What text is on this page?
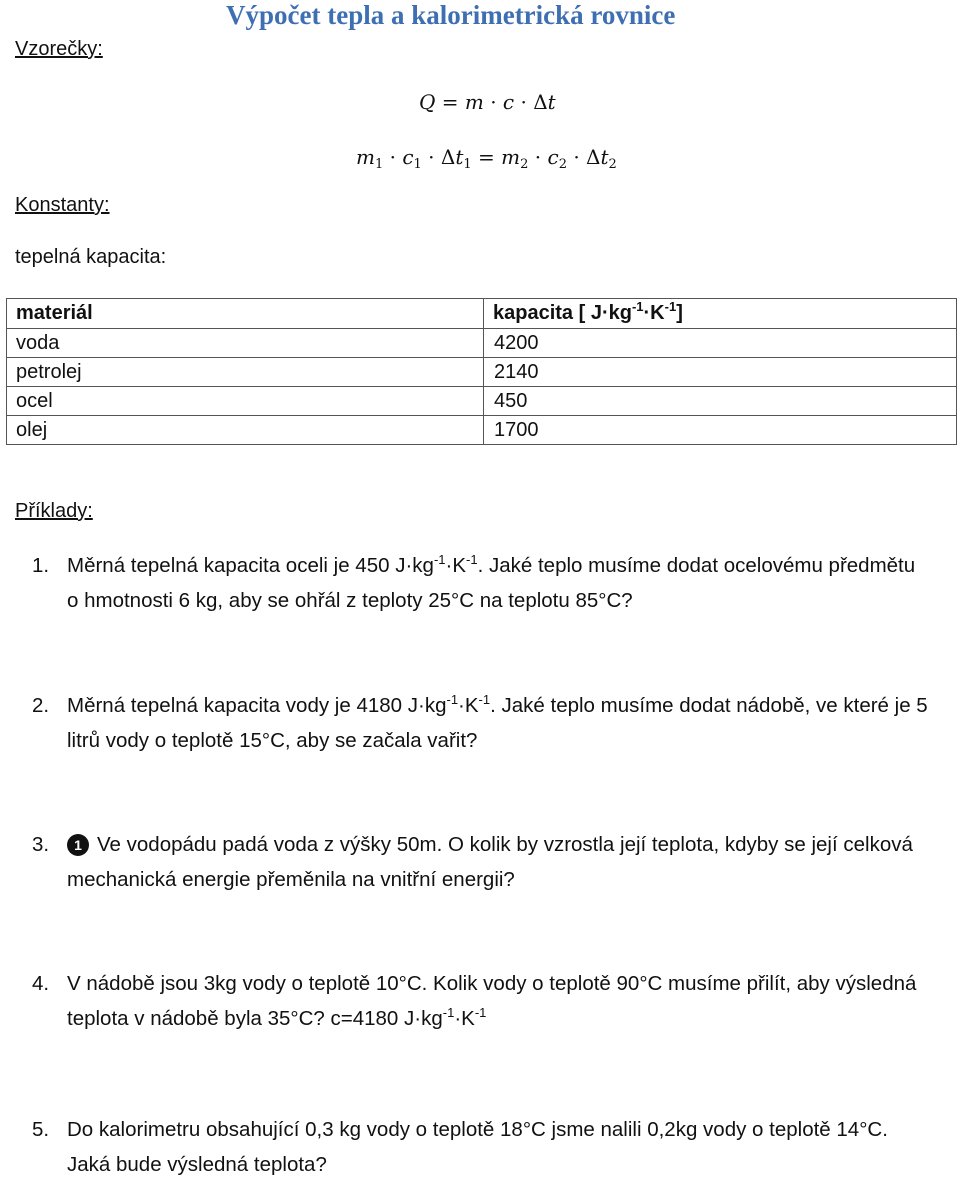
Výpočet tepla a kalorimetrická rovnice
Vzorečky:
Q = m · c · Δt
$m_1 \cdot c_1 \cdot \Delta t_1 = m_2 \cdot c_2 \cdot \Delta t_2$
Konstanty:
tepelná kapacita:
materiál	kapacita [ $J\cdot kg^{-1}\cdot K^{-1}$]
voda	4200
petrolej	2140
ocel	450
olej	1700
Příklady:
1. Měrná tepelná kapacita oceli je 450 $J\cdot kg^{-1}\cdot K^{-1}$. Jaké teplo musíme dodat ocelovému předmětu o hmotnosti 6 kg, aby se ohřál z teploty 25°C na teplotu 85°C?
2. Měrná tepelná kapacita vody je 4180 $J\cdot kg^{-1}\cdot K^{-1}$. Jaké teplo musíme dodat nádobě, ve které je 5 litrů vody o teplotě 15°C, aby se začala vařit?
3.	1 Ve vodopádu padá voda z výšky 50m. O kolik by vzrostla její teplota, kdyby se její celková mechanická energie přeměnila na vnitřní energii?
4. V nádobě jsou 3kg vody o teplotě 10°C. Kolik vody o teplotě 90°C musíme přilít, aby výsledná teplota v nádobě byla 35°C? c=4180 $J\cdot kg^{-1}\cdot K^{-1}$
5. Do kalorimetru obsahující 0,3 kg vody o teplotě 18°C jsme nalili 0,2kg vody o teplotě 14°C. Jaká bude výsledná teplota?
